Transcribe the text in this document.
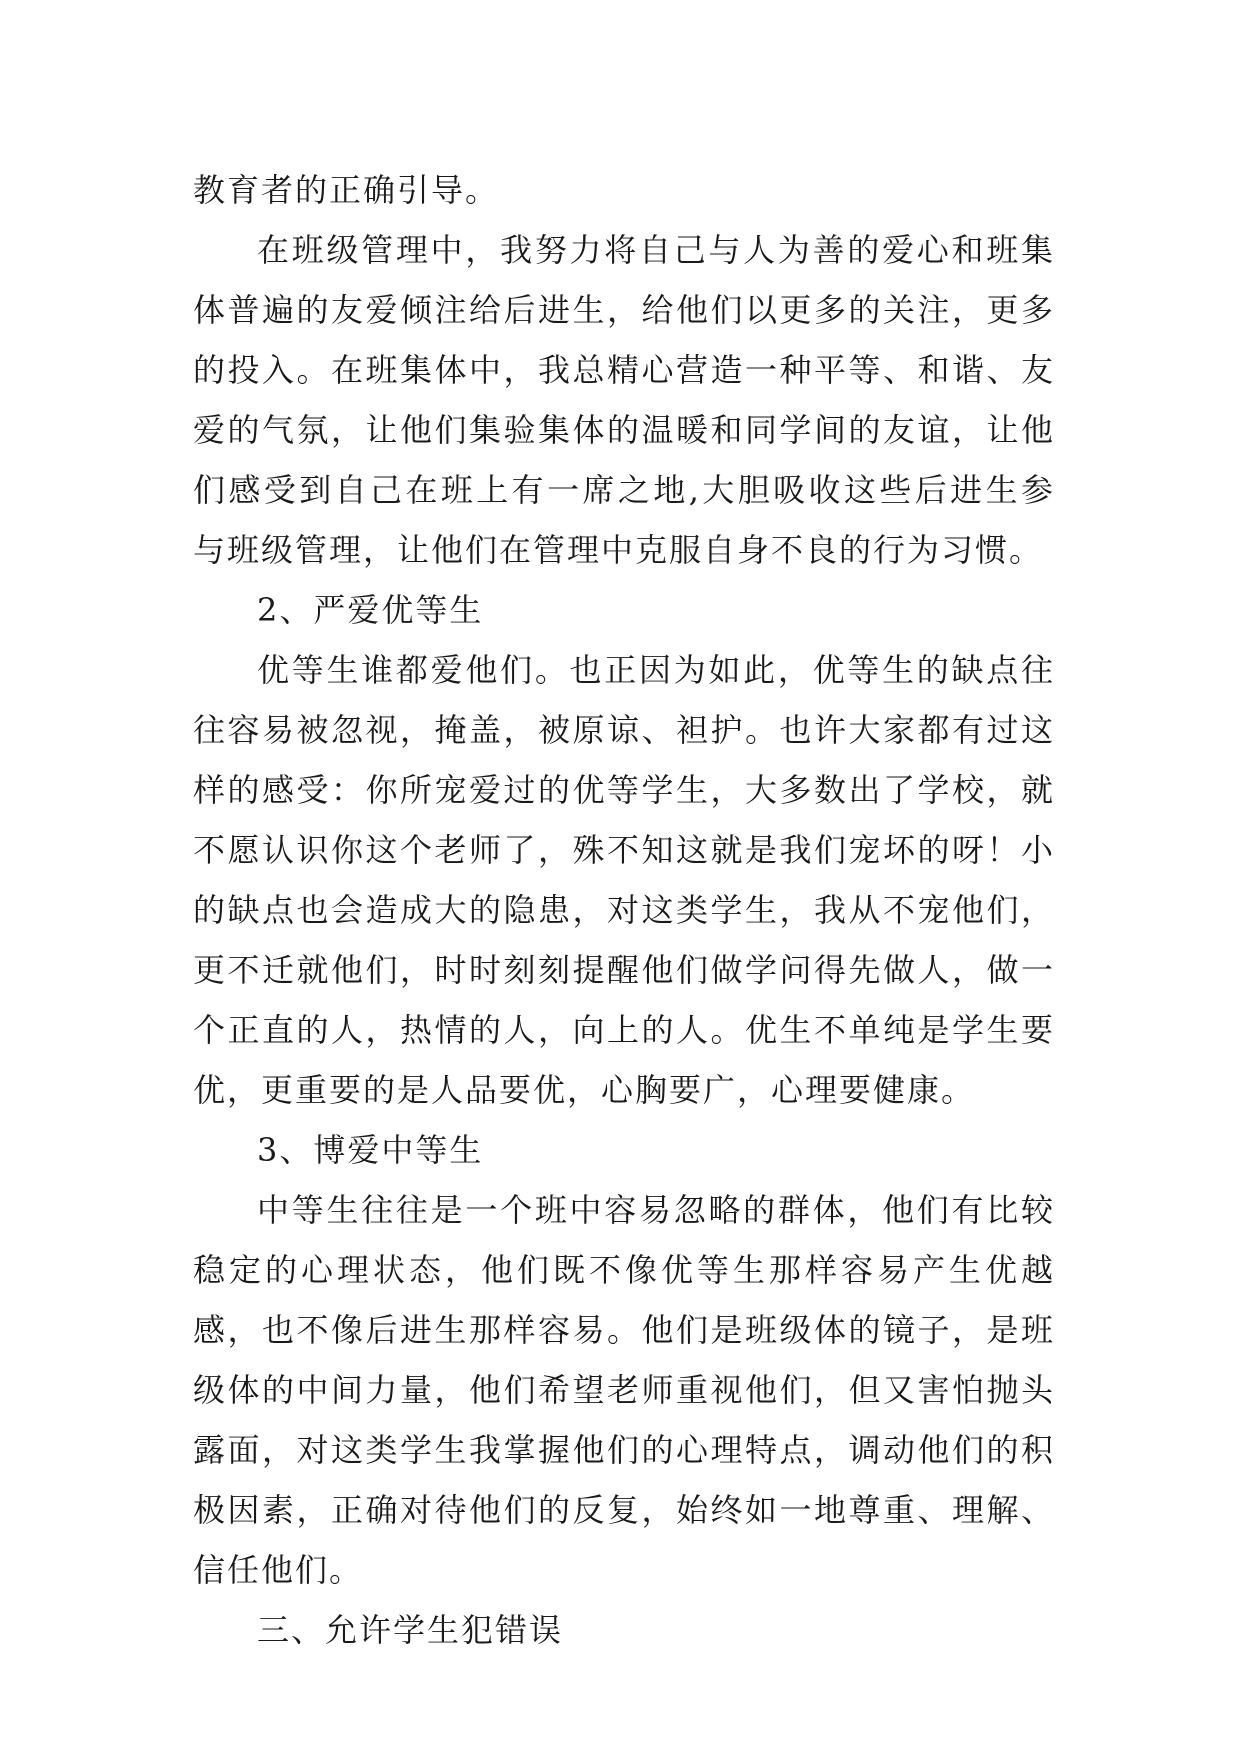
教育者的正确引导。

在班级管理中，我努力将自己与人为善的爱心和班集体普遍的友爱倾注给后进生，给他们以更多的关注，更多的投入。在班集体中，我总精心营造一种平等、和谐、友爱的气氛，让他们集验集体的温暖和同学间的友谊，让他们感受到自己在班上有一席之地,大胆吸收这些后进生参与班级管理，让他们在管理中克服自身不良的行为习惯。

2、严爱优等生

优等生谁都爱他们。也正因为如此，优等生的缺点往往容易被忽视，掩盖，被原谅、袒护。也许大家都有过这样的感受：你所宠爱过的优等学生，大多数出了学校，就不愿认识你这个老师了，殊不知这就是我们宠坏的呀！小的缺点也会造成大的隐患，对这类学生，我从不宠他们，更不迁就他们，时时刻刻提醒他们做学问得先做人，做一个正直的人，热情的人，向上的人。优生不单纯是学生要优，更重要的是人品要优，心胸要广，心理要健康。

3、博爱中等生

中等生往往是一个班中容易忽略的群体，他们有比较稳定的心理状态，他们既不像优等生那样容易产生优越感，也不像后进生那样容易。他们是班级体的镜子，是班级体的中间力量，他们希望老师重视他们，但又害怕抛头露面，对这类学生我掌握他们的心理特点，调动他们的积极因素，正确对待他们的反复，始终如一地尊重、理解、信任他们。

三、允许学生犯错误
